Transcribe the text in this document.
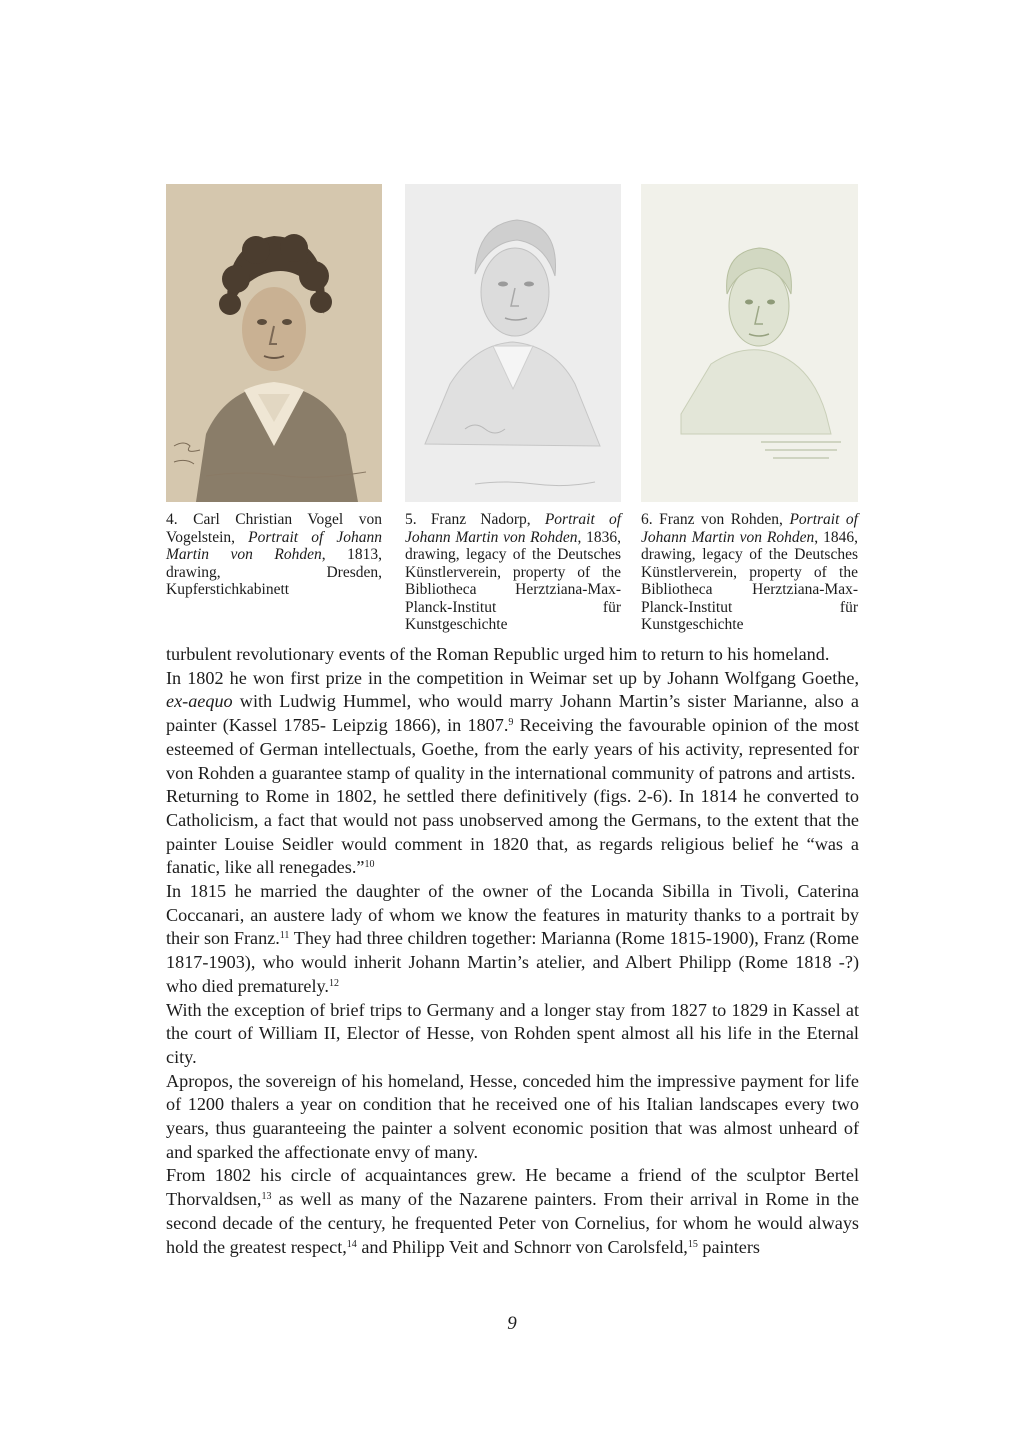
4. Carl Christian Vogel von Vogelstein, Portrait of Johann Martin von Rohden, 1813, drawing, Dresden, Kupferstichkabinett
5. Franz Nadorp, Portrait of Johann Martin von Rohden, 1836, drawing, legacy of the Deutsches Künstlerverein, property of the Bibliotheca Herztziana-Max-Planck-Institut für Kunstgeschichte
6. Franz von Rohden, Portrait of Johann Martin von Rohden, 1846, drawing, legacy of the Deutsches Künstlerverein, property of the Bibliotheca Herztziana-Max-Planck-Institut für Kunstgeschichte

turbulent revolutionary events of the Roman Republic urged him to return to his homeland.

In 1802 he won first prize in the competition in Weimar set up by Johann Wolfgang Goethe, ex-aequo with Ludwig Hummel, who would marry Johann Martin’s sister Marianne, also a painter (Kassel 1785- Leipzig 1866), in 1807.$^9$ Receiving the favourable opinion of the most esteemed of German intellectuals, Goethe, from the early years of his activity, represented for von Rohden a guarantee stamp of quality in the international community of patrons and artists.

Returning to Rome in 1802, he settled there definitively (figs. 2-6). In 1814 he converted to Catholicism, a fact that would not pass unobserved among the Germans, to the extent that the painter Louise Seidler would comment in 1820 that, as regards religious belief he “was a fanatic, like all renegades.”$^{10}$

In 1815 he married the daughter of the owner of the Locanda Sibilla in Tivoli, Caterina Coccanari, an austere lady of whom we know the features in maturity thanks to a portrait by their son Franz.$^{11}$ They had three children together: Marianna (Rome 1815-1900), Franz (Rome 1817-1903), who would inherit Johann Martin’s atelier, and Albert Philipp (Rome 1818 -?) who died prematurely.$^{12}$

With the exception of brief trips to Germany and a longer stay from 1827 to 1829 in Kassel at the court of William II, Elector of Hesse, von Rohden spent almost all his life in the Eternal city.

Apropos, the sovereign of his homeland, Hesse, conceded him the impressive payment for life of 1200 thalers a year on condition that he received one of his Italian landscapes every two years, thus guaranteeing the painter a solvent economic position that was almost unheard of and sparked the affectionate envy of many.

From 1802 his circle of acquaintances grew. He became a friend of the sculptor Bertel Thorvaldsen,$^{13}$ as well as many of the Nazarene painters. From their arrival in Rome in the second decade of the century, he frequented Peter von Cornelius, for whom he would always hold the greatest respect,$^{14}$ and Philipp Veit and Schnorr von Carolsfeld,$^{15}$ painters

9
